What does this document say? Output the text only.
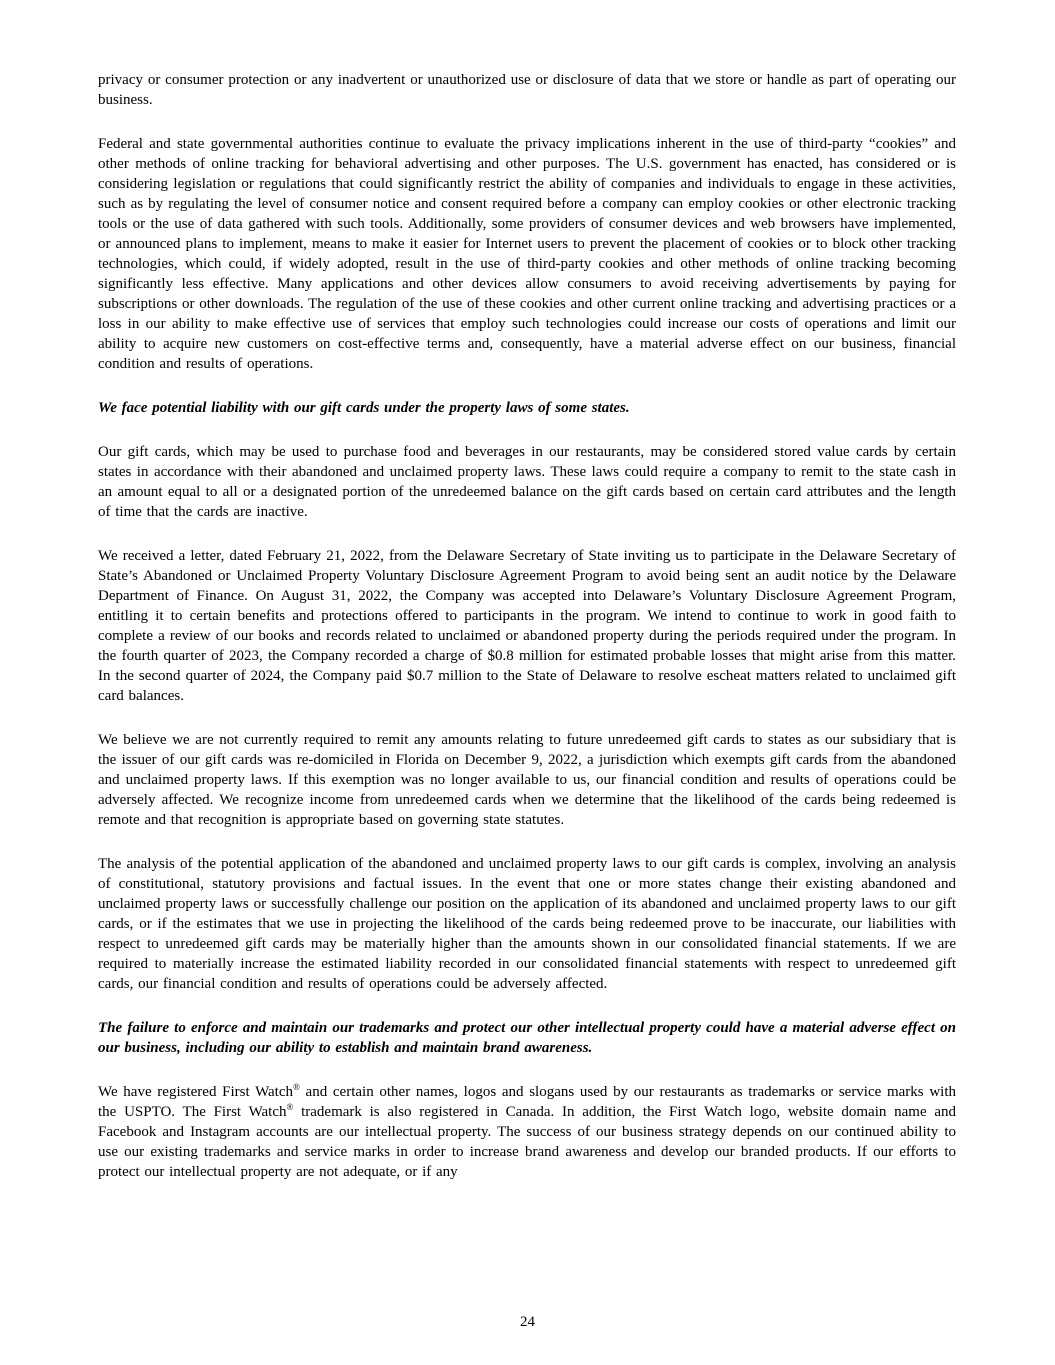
privacy or consumer protection or any inadvertent or unauthorized use or disclosure of data that we store or handle as part of operating our business.
Federal and state governmental authorities continue to evaluate the privacy implications inherent in the use of third-party “cookies” and other methods of online tracking for behavioral advertising and other purposes. The U.S. government has enacted, has considered or is considering legislation or regulations that could significantly restrict the ability of companies and individuals to engage in these activities, such as by regulating the level of consumer notice and consent required before a company can employ cookies or other electronic tracking tools or the use of data gathered with such tools. Additionally, some providers of consumer devices and web browsers have implemented, or announced plans to implement, means to make it easier for Internet users to prevent the placement of cookies or to block other tracking technologies, which could, if widely adopted, result in the use of third-party cookies and other methods of online tracking becoming significantly less effective. Many applications and other devices allow consumers to avoid receiving advertisements by paying for subscriptions or other downloads. The regulation of the use of these cookies and other current online tracking and advertising practices or a loss in our ability to make effective use of services that employ such technologies could increase our costs of operations and limit our ability to acquire new customers on cost-effective terms and, consequently, have a material adverse effect on our business, financial condition and results of operations.
We face potential liability with our gift cards under the property laws of some states.
Our gift cards, which may be used to purchase food and beverages in our restaurants, may be considered stored value cards by certain states in accordance with their abandoned and unclaimed property laws. These laws could require a company to remit to the state cash in an amount equal to all or a designated portion of the unredeemed balance on the gift cards based on certain card attributes and the length of time that the cards are inactive.
We received a letter, dated February 21, 2022, from the Delaware Secretary of State inviting us to participate in the Delaware Secretary of State’s Abandoned or Unclaimed Property Voluntary Disclosure Agreement Program to avoid being sent an audit notice by the Delaware Department of Finance. On August 31, 2022, the Company was accepted into Delaware’s Voluntary Disclosure Agreement Program, entitling it to certain benefits and protections offered to participants in the program. We intend to continue to work in good faith to complete a review of our books and records related to unclaimed or abandoned property during the periods required under the program. In the fourth quarter of 2023, the Company recorded a charge of $0.8 million for estimated probable losses that might arise from this matter. In the second quarter of 2024, the Company paid $0.7 million to the State of Delaware to resolve escheat matters related to unclaimed gift card balances.
We believe we are not currently required to remit any amounts relating to future unredeemed gift cards to states as our subsidiary that is the issuer of our gift cards was re-domiciled in Florida on December 9, 2022, a jurisdiction which exempts gift cards from the abandoned and unclaimed property laws. If this exemption was no longer available to us, our financial condition and results of operations could be adversely affected. We recognize income from unredeemed cards when we determine that the likelihood of the cards being redeemed is remote and that recognition is appropriate based on governing state statutes.
The analysis of the potential application of the abandoned and unclaimed property laws to our gift cards is complex, involving an analysis of constitutional, statutory provisions and factual issues. In the event that one or more states change their existing abandoned and unclaimed property laws or successfully challenge our position on the application of its abandoned and unclaimed property laws to our gift cards, or if the estimates that we use in projecting the likelihood of the cards being redeemed prove to be inaccurate, our liabilities with respect to unredeemed gift cards may be materially higher than the amounts shown in our consolidated financial statements. If we are required to materially increase the estimated liability recorded in our consolidated financial statements with respect to unredeemed gift cards, our financial condition and results of operations could be adversely affected.
The failure to enforce and maintain our trademarks and protect our other intellectual property could have a material adverse effect on our business, including our ability to establish and maintain brand awareness.
We have registered First Watch® and certain other names, logos and slogans used by our restaurants as trademarks or service marks with the USPTO. The First Watch® trademark is also registered in Canada. In addition, the First Watch logo, website domain name and Facebook and Instagram accounts are our intellectual property. The success of our business strategy depends on our continued ability to use our existing trademarks and service marks in order to increase brand awareness and develop our branded products. If our efforts to protect our intellectual property are not adequate, or if any
24
